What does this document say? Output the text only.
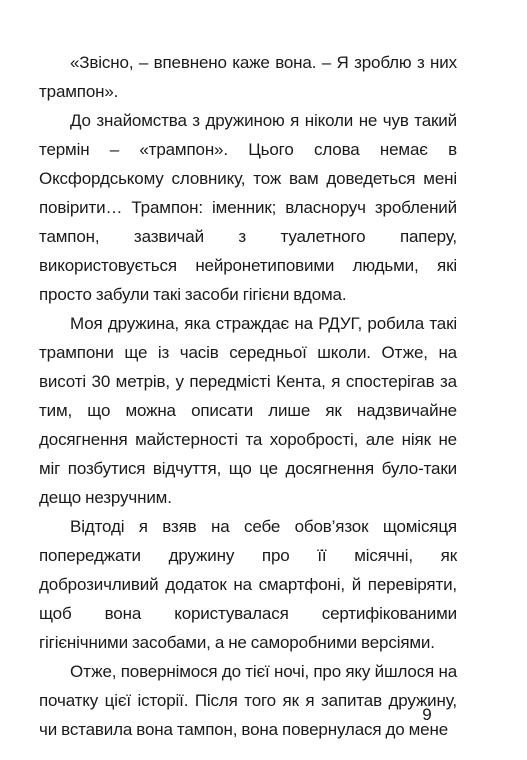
«Звісно, – впевнено каже вона. – Я зроблю з них трампон».

До знайомства з дружиною я ніколи не чув такий термін – «трампон». Цього слова немає в Оксфордському словнику, тож вам доведеться мені повірити… Трампон: іменник; власноруч зроблений тампон, зазвичай з туалетного паперу, використовується нейронетиповими людьми, які просто забули такі засоби гігієни вдома.

Моя дружина, яка страждає на РДУГ, робила такі трампони ще із часів середньої школи. Отже, на висоті 30 метрів, у передмісті Кента, я спостерігав за тим, що можна описати лише як надзвичайне досягнення майстерності та хоробрості, але ніяк не міг позбутися відчуття, що це досягнення було-таки дещо незручним.

Відтоді я взяв на себе обов’язок щомісяця попереджати дружину про її місячні, як доброзичливий додаток на смартфоні, й перевіряти, щоб вона користувалася сертифікованими гігієнічними засобами, а не саморобними версіями.

Отже, повернімося до тієї ночі, про яку йшлося на початку цієї історії. Після того як я запитав дружину, чи вставила вона тампон, вона повернулася до мене

9
